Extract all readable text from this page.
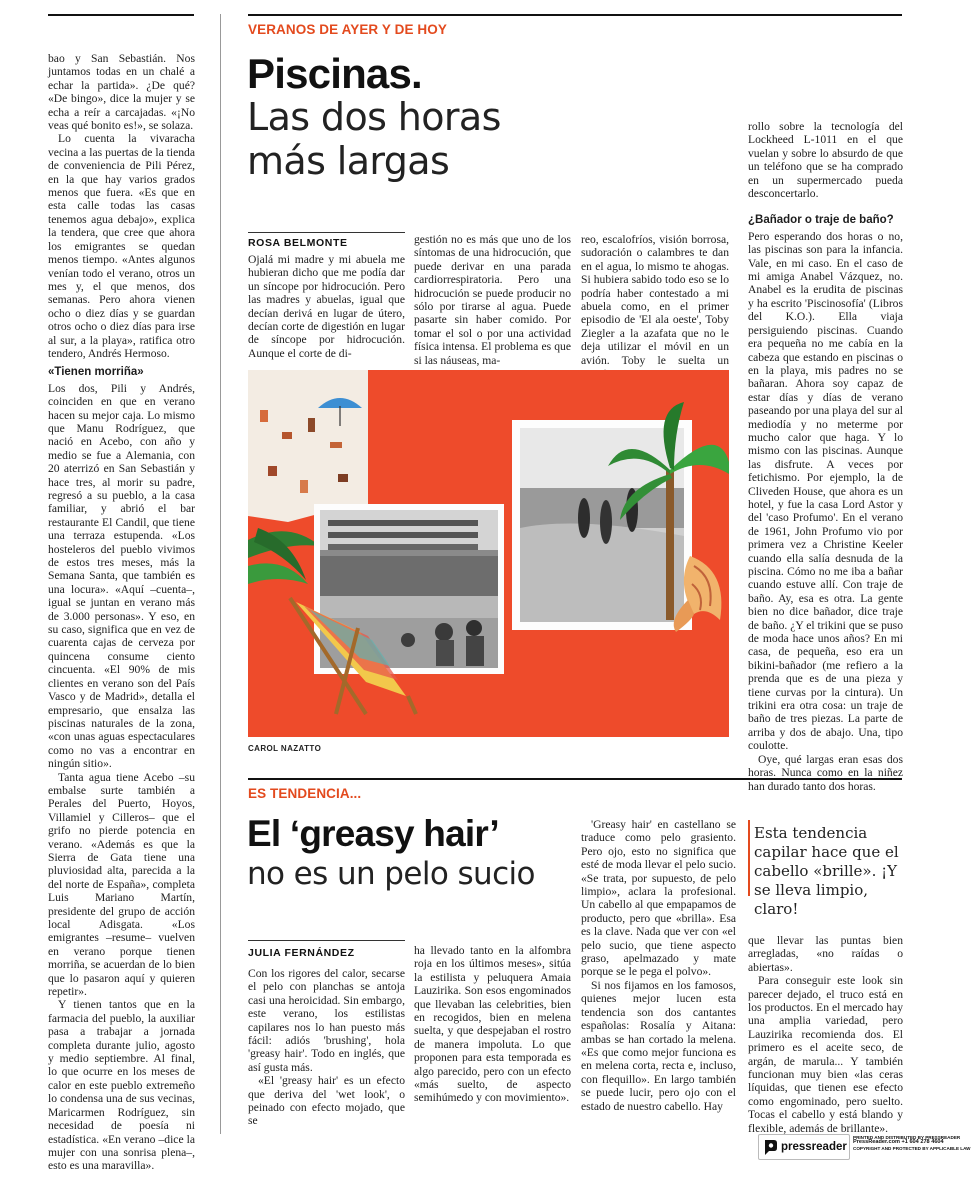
bao y San Sebastián. Nos juntamos todas en un chalé a echar la partida». ¿De qué? «De bingo», dice la mujer y se echa a reír a carcajadas. «¡No veas qué bonito es!», se solaza.

Lo cuenta la vivaracha vecina a las puertas de la tienda de conveniencia de Pili Pérez, en la que hay varios grados menos que fuera. «Es que en esta calle todas las casas tenemos agua debajo», explica la tendera, que cree que ahora los emigrantes se quedan menos tiempo. «Antes algunos venían todo el verano, otros un mes y, el que menos, dos semanas. Pero ahora vienen ocho o diez días y se guardan otros ocho o diez días para irse al sur, a la playa», ratifica otro tendero, Andrés Hermoso.

«Tienen morriña»

Los dos, Pili y Andrés, coinciden en que en verano hacen su mejor caja. Lo mismo que Manu Rodríguez, que nació en Acebo, con año y medio se fue a Alemania, con 20 aterrizó en San Sebastián y hace tres, al morir su padre, regresó a su pueblo, a la casa familiar, y abrió el bar restaurante El Candil, que tiene una terraza estupenda. «Los hosteleros del pueblo vivimos de estos tres meses, más la Semana Santa, que también es una locura». «Aquí –cuenta–, igual se juntan en verano más de 3.000 personas». Y eso, en su caso, significa que en vez de cuarenta cajas de cerveza por quincena consume ciento cincuenta. «El 90% de mis clientes en verano son del País Vasco y de Madrid», detalla el empresario, que ensalza las piscinas naturales de la zona, «con unas aguas espectaculares como no vas a encontrar en ningún sitio».

Tanta agua tiene Acebo –su embalse surte también a Perales del Puerto, Hoyos, Villamiel y Cilleros– que el grifo no pierde potencia en verano. «Además es que la Sierra de Gata tiene una pluviosidad alta, parecida a la del norte de España», completa Luis Mariano Martín, presidente del grupo de acción local Adisgata. «Los emigrantes –resume– vuelven en verano porque tienen morriña, se acuerdan de lo bien que lo pasaron aquí y quieren repetir».

Y tienen tantos que en la farmacia del pueblo, la auxiliar pasa a trabajar a jornada completa durante julio, agosto y medio septiembre. Al final, lo que ocurre en los meses de calor en este pueblo extremeño lo condensa una de sus vecinas, Maricarmen Rodríguez, sin necesidad de poesía ni estadística. «En verano –dice la mujer con una sonrisa plena–, esto es una maravilla».

VERANOS DE AYER Y DE HOY
Piscinas.
Las dos horas
más largas
ROSA BELMONTE

Ojalá mi madre y mi abuela me hubieran dicho que me podía dar un síncope por hidrocución. Pero las madres y abuelas, igual que decían derivá en lugar de útero, decían corte de digestión en lugar de síncope por hidrocución. Aunque el corte de di-

gestión no es más que uno de los síntomas de una hidrocución, que puede derivar en una parada cardiorrespiratoria. Pero una hidrocución se puede producir no sólo por tirarse al agua. Puede pasarte sin haber comido. Por tomar el sol o por una actividad física intensa. El problema es que si las náuseas, ma-

reo, escalofríos, visión borrosa, sudoración o calambres te dan en el agua, lo mismo te ahogas. Si hubiera sabido todo eso se lo podría haber contestado a mi abuela como, en el primer episodio de 'El ala oeste', Toby Ziegler a la azafata que no le deja utilizar el móvil en un avión. Toby le suelta un

rollo sobre la tecnología del Lockheed L-1011 en el que vuelan y sobre lo absurdo de que un teléfono que se ha comprado en un supermercado pueda desconcertarlo.

¿Bañador o traje de baño?

Pero esperando dos horas o no, las piscinas son para la infancia. Vale, en mi caso. En el caso de mi amiga Anabel Vázquez, no. Anabel es la erudita de piscinas y ha escrito 'Piscinosofía' (Libros del K.O.). Ella viaja persiguiendo piscinas. Cuando era pequeña no me cabía en la cabeza que estando en piscinas o en la playa, mis padres no se bañaran. Ahora soy capaz de estar días y días de verano paseando por una playa del sur al mediodía y no meterme por mucho calor que haga. Y lo mismo con las piscinas. Aunque las disfrute. A veces por fetichismo. Por ejemplo, la de Cliveden House, que ahora es un hotel, y fue la casa Lord Astor y del 'caso Profumo'. En el verano de 1961, John Profumo vio por primera vez a Christine Keeler cuando ella salía desnuda de la piscina. Cómo no me iba a bañar cuando estuve allí. Con traje de baño. Ay, esa es otra. La gente bien no dice bañador, dice traje de baño. ¿Y el trikini que se puso de moda hace unos años? En mi casa, de pequeña, eso era un bikini-bañador (me refiero a la prenda que es de una pieza y tiene curvas por la cintura). Un trikini era otra cosa: un traje de baño de tres piezas. La parte de arriba y dos de abajo. Una, tipo coulotte.

Oye, qué largas eran esas dos horas. Nunca como en la niñez han durado tanto dos horas.

CAROL NAZATTO
ES TENDENCIA...
El ‘greasy hair’
no es un pelo sucio
JULIA FERNÁNDEZ

Con los rigores del calor, secarse el pelo con planchas se antoja casi una heroicidad. Sin embargo, este verano, los estilistas capilares nos lo han puesto más fácil: adiós 'brushing', hola 'greasy hair'. Todo en inglés, que así gusta más.

«El 'greasy hair' es un efecto que deriva del 'wet look', o peinado con efecto mojado, que se

ha llevado tanto en la alfombra roja en los últimos meses», sitúa la estilista y peluquera Amaia Lauzirika. Son esos engominados que llevaban las celebrities, bien en recogidos, bien en melena suelta, y que despejaban el rostro de manera impoluta. Lo que proponen para esta temporada es algo parecido, pero con un efecto «más suelto, de aspecto semihúmedo y con movimiento».

'Greasy hair' en castellano se traduce como pelo grasiento. Pero ojo, esto no significa que esté de moda llevar el pelo sucio. «Se trata, por supuesto, de pelo limpio», aclara la profesional. Un cabello al que empapamos de producto, pero que «brilla». Esa es la clave. Nada que ver con «el pelo sucio, que tiene aspecto graso, apelmazado y mate porque se le pega el polvo».

Si nos fijamos en los famosos, quienes mejor lucen esta tendencia son dos cantantes españolas: Rosalía y Aitana: ambas se han cortado la melena. «Es que como mejor funciona es en melena corta, recta e, incluso, con flequillo». En largo también se puede lucir, pero ojo con el estado de nuestro cabello. Hay

Esta tendencia capilar hace que el cabello «brille». ¡Y se lleva limpio, claro!

que llevar las puntas bien arregladas, «no raídas o abiertas».

Para conseguir este look sin parecer dejado, el truco está en los productos. En el mercado hay una amplia variedad, pero Lauzirika recomienda dos. El primero es el aceite seco, de argán, de marula... Y también funcionan muy bien «las ceras líquidas, que tienen ese efecto como engominado, pero suelto. Tocas el cabello y está blando y flexible, además de brillante».

pressreader
PRINTED AND DISTRIBUTED BY PRESSREADER
PressReader.com +1 604 278 4604
COPYRIGHT AND PROTECTED BY APPLICABLE LAW
